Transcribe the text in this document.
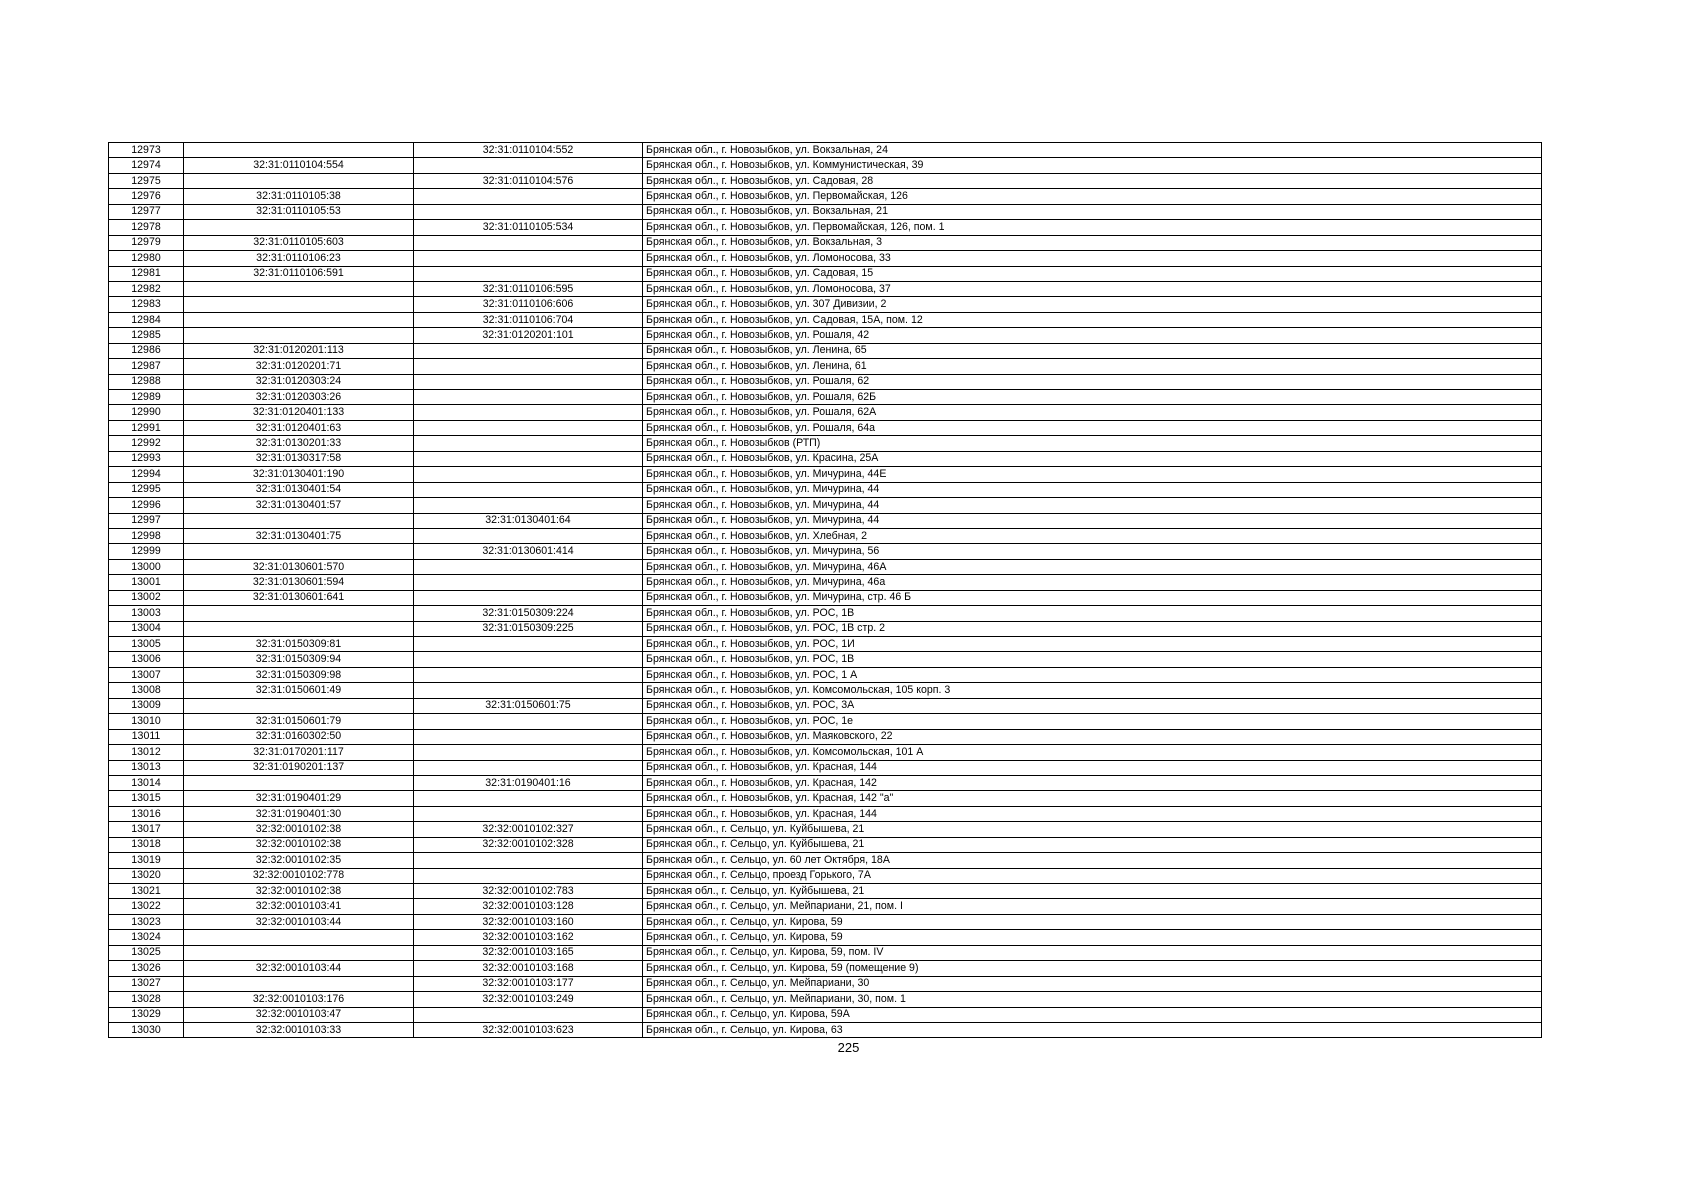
12973		32:31:0110104:552	Брянская обл., г. Новозыбков, ул. Вокзальная, 24
12974	32:31:0110104:554		Брянская обл., г. Новозыбков, ул. Коммунистическая, 39
12975		32:31:0110104:576	Брянская обл., г. Новозыбков, ул. Садовая, 28
12976	32:31:0110105:38		Брянская обл., г. Новозыбков, ул. Первомайская, 126
12977	32:31:0110105:53		Брянская обл., г. Новозыбков, ул. Вокзальная, 21
12978		32:31:0110105:534	Брянская обл., г. Новозыбков, ул. Первомайская, 126, пом. 1
12979	32:31:0110105:603		Брянская обл., г. Новозыбков, ул. Вокзальная, 3
12980	32:31:0110106:23		Брянская обл., г. Новозыбков, ул. Ломоносова, 33
12981	32:31:0110106:591		Брянская обл., г. Новозыбков, ул. Садовая, 15
12982		32:31:0110106:595	Брянская обл., г. Новозыбков, ул. Ломоносова, 37
12983		32:31:0110106:606	Брянская обл., г. Новозыбков, ул. 307 Дивизии, 2
12984		32:31:0110106:704	Брянская обл., г. Новозыбков, ул. Садовая, 15А, пом. 12
12985		32:31:0120201:101	Брянская обл., г. Новозыбков, ул. Рошаля, 42
12986	32:31:0120201:113		Брянская обл., г. Новозыбков, ул. Ленина, 65
12987	32:31:0120201:71		Брянская обл., г. Новозыбков, ул. Ленина, 61
12988	32:31:0120303:24		Брянская обл., г. Новозыбков, ул. Рошаля, 62
12989	32:31:0120303:26		Брянская обл., г. Новозыбков, ул. Рошаля, 62Б
12990	32:31:0120401:133		Брянская обл., г. Новозыбков, ул. Рошаля, 62А
12991	32:31:0120401:63		Брянская обл., г. Новозыбков, ул. Рошаля, 64а
12992	32:31:0130201:33		Брянская обл., г. Новозыбков (РТП)
12993	32:31:0130317:58		Брянская обл., г. Новозыбков, ул. Красина, 25А
12994	32:31:0130401:190		Брянская обл., г. Новозыбков, ул. Мичурина, 44Е
12995	32:31:0130401:54		Брянская обл., г. Новозыбков, ул. Мичурина, 44
12996	32:31:0130401:57		Брянская обл., г. Новозыбков, ул. Мичурина, 44
12997		32:31:0130401:64	Брянская обл., г. Новозыбков, ул. Мичурина, 44
12998	32:31:0130401:75		Брянская обл., г. Новозыбков, ул. Хлебная, 2
12999		32:31:0130601:414	Брянская обл., г. Новозыбков, ул. Мичурина, 56
13000	32:31:0130601:570		Брянская обл., г. Новозыбков, ул. Мичурина, 46А
13001	32:31:0130601:594		Брянская обл., г. Новозыбков, ул. Мичурина, 46а
13002	32:31:0130601:641		Брянская обл., г. Новозыбков, ул. Мичурина, стр. 46 Б
13003		32:31:0150309:224	Брянская обл., г. Новозыбков, ул. РОС, 1В
13004		32:31:0150309:225	Брянская обл., г. Новозыбков, ул. РОС, 1В стр. 2
13005	32:31:0150309:81		Брянская обл., г. Новозыбков, ул. РОС, 1И
13006	32:31:0150309:94		Брянская обл., г. Новозыбков, ул. РОС, 1В
13007	32:31:0150309:98		Брянская обл., г. Новозыбков, ул. РОС, 1 А
13008	32:31:0150601:49		Брянская обл., г. Новозыбков, ул. Комсомольская, 105 корп. 3
13009		32:31:0150601:75	Брянская обл., г. Новозыбков, ул. РОС, 3А
13010	32:31:0150601:79		Брянская обл., г. Новозыбков, ул. РОС, 1е
13011	32:31:0160302:50		Брянская обл., г. Новозыбков, ул. Маяковского, 22
13012	32:31:0170201:117		Брянская обл., г. Новозыбков, ул. Комсомольская, 101 А
13013	32:31:0190201:137		Брянская обл., г. Новозыбков, ул. Красная, 144
13014		32:31:0190401:16	Брянская обл., г. Новозыбков, ул. Красная, 142
13015	32:31:0190401:29		Брянская обл., г. Новозыбков, ул. Красная, 142 "а"
13016	32:31:0190401:30		Брянская обл., г. Новозыбков, ул. Красная, 144
13017	32:32:0010102:38	32:32:0010102:327	Брянская обл., г. Сельцо, ул. Куйбышева, 21
13018	32:32:0010102:38	32:32:0010102:328	Брянская обл., г. Сельцо, ул. Куйбышева, 21
13019	32:32:0010102:35		Брянская обл., г. Сельцо, ул. 60 лет Октября, 18А
13020	32:32:0010102:778		Брянская обл., г. Сельцо, проезд Горького, 7А
13021	32:32:0010102:38	32:32:0010102:783	Брянская обл., г. Сельцо, ул. Куйбышева, 21
13022	32:32:0010103:41	32:32:0010103:128	Брянская обл., г. Сельцо, ул. Мейпариани, 21, пом. I
13023	32:32:0010103:44	32:32:0010103:160	Брянская обл., г. Сельцо, ул. Кирова, 59
13024		32:32:0010103:162	Брянская обл., г. Сельцо, ул. Кирова, 59
13025		32:32:0010103:165	Брянская обл., г. Сельцо, ул. Кирова, 59, пом. IV
13026	32:32:0010103:44	32:32:0010103:168	Брянская обл., г. Сельцо, ул. Кирова, 59 (помещение 9)
13027		32:32:0010103:177	Брянская обл., г. Сельцо, ул. Мейпариани, 30
13028	32:32:0010103:176	32:32:0010103:249	Брянская обл., г. Сельцо, ул. Мейпариани, 30, пом. 1
13029	32:32:0010103:47		Брянская обл., г. Сельцо, ул. Кирова, 59А
13030	32:32:0010103:33	32:32:0010103:623	Брянская обл., г. Сельцо, ул. Кирова, 63
225
